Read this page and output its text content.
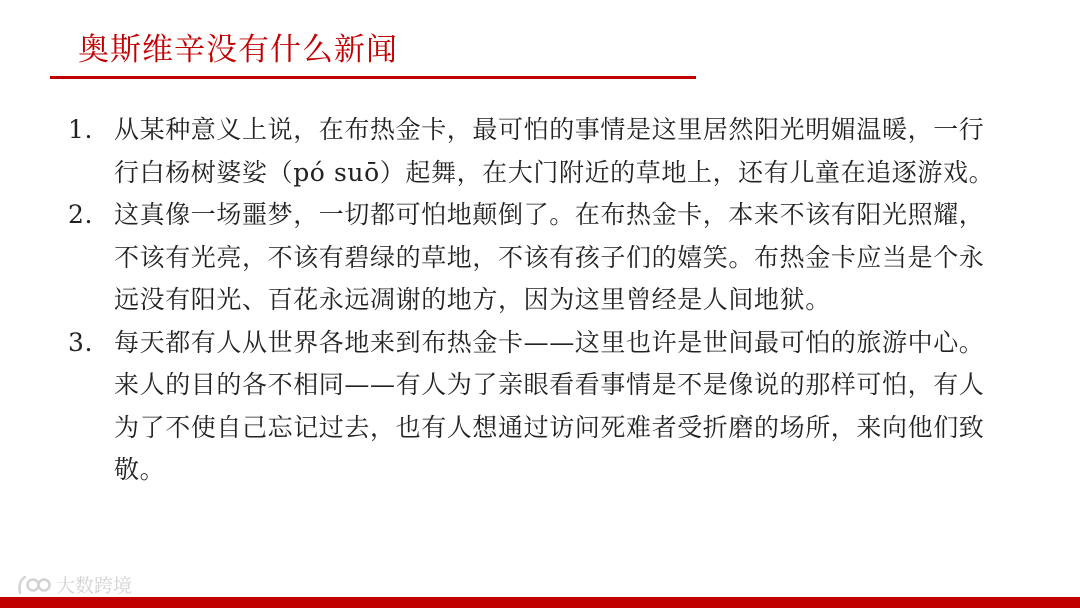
奥斯维辛没有什么新闻
1. 从某种意义上说，在布热金卡，最可怕的事情是这里居然阳光明媚温暖，一行行白杨树婆娑（pó suō）起舞，在大门附近的草地上，还有儿童在追逐游戏。
2. 这真像一场噩梦，一切都可怕地颠倒了。在布热金卡，本来不该有阳光照耀，不该有光亮，不该有碧绿的草地，不该有孩子们的嬉笑。布热金卡应当是个永远没有阳光、百花永远凋谢的地方，因为这里曾经是人间地狱。
3. 每天都有人从世界各地来到布热金卡——这里也许是世间最可怕的旅游中心。来人的目的各不相同——有人为了亲眼看看事情是不是像说的那样可怕，有人为了不使自己忘记过去，也有人想通过访问死难者受折磨的场所，来向他们致敬。
大数跨境
